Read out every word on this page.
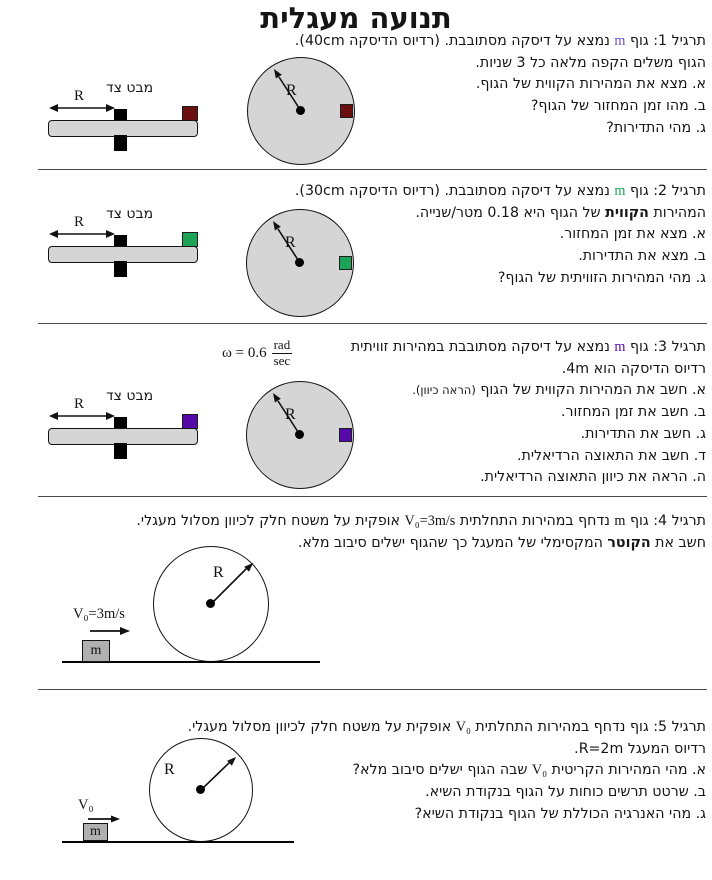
תנועה מעגלית
תרגיל 1: גוף m נמצא על דיסקה מסתובבת. (רדיוס הדיסקה 40cm).
הגוף משלים הקפה מלאה כל 3 שניות.
א. מצא את המהירות הקווית של הגוף.
ב. מהו זמן המחזור של הגוף?
ג. מהי התדירות?
R
מבט צד
R
תרגיל 2: גוף m נמצא על דיסקה מסתובבת. (רדיוס הדיסקה 30cm).
המהירות הקווית של הגוף היא 0.18 מטר/שנייה.
א. מצא את זמן המחזור.
ב. מצא את התדירות.
ג. מהי המהירות הזוויתית של הגוף?
R
מבט צד
R
תרגיל 3: גוף m נמצא על דיסקה מסתובבת במהירות זוויתית
רדיוס הדיסקה הוא 4m.
א. חשב את המהירות הקווית של הגוף (הראה כיוון).
ב. חשב את זמן המחזור.
ג. חשב את התדירות.
ד. חשב את התאוצה הרדיאלית.
ה. הראה את כיוון התאוצה הרדיאלית.
$\omega = 0.6 \frac{\text{rad}}{\sec}$
R
מבט צד
R
תרגיל 4: גוף m נדחף במהירות התחלתית V₀=3m/s אופקית על משטח חלק לכיוון מסלול מעגלי.
חשב את הקוטר המקסימלי של המעגל כך שהגוף ישלים סיבוב מלא.
R
V₀=3m/s
m
תרגיל 5: גוף נדחף במהירות התחלתית V₀ אופקית על משטח חלק לכיוון מסלול מעגלי.
רדיוס המעגל R=2m.
א. מהי המהירות הקריטית V₀ שבה הגוף ישלים סיבוב מלא?
ב. שרטט תרשים כוחות על הגוף בנקודת השיא.
ג. מהי האנרגיה הכוללת של הגוף בנקודת השיא?
R
V₀
m
